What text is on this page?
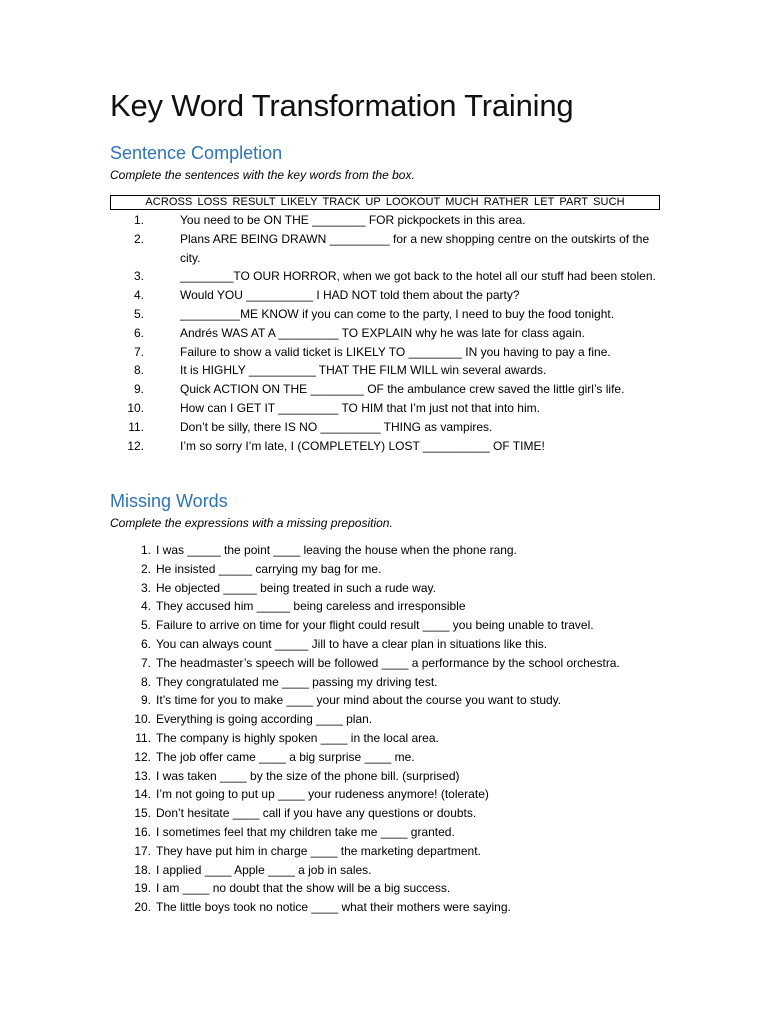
Key Word Transformation Training
Sentence Completion

Complete the sentences with the key words from the box.

ACROSS LOSS RESULT LIKELY TRACK UP LOOKOUT MUCH RATHER LET PART SUCH
1.	You need to be ON THE ________ FOR pickpockets in this area.
2.	Plans ARE BEING DRAWN _________ for a new shopping centre on the outskirts of the city.
3.	________TO OUR HORROR, when we got back to the hotel all our stuff had been stolen.
4.	Would YOU __________ I HAD NOT told them about the party?
5.	_________ME KNOW if you can come to the party, I need to buy the food tonight.
6.	Andrés WAS AT A _________ TO EXPLAIN why he was late for class again.
7.	Failure to show a valid ticket is LIKELY TO ________ IN you having to pay a fine.
8.	It is HIGHLY __________ THAT THE FILM WILL win several awards.
9.	Quick ACTION ON THE ________ OF the ambulance crew saved the little girl’s life.
10.	How can I GET IT _________ TO HIM that I’m just not that into him.
11.	Don’t be silly, there IS NO _________ THING as vampires.
12.	I’m so sorry I’m late, I (COMPLETELY) LOST __________ OF TIME!
Missing Words

Complete the expressions with a missing preposition.

1. I was _____ the point ____ leaving the house when the phone rang.
2. He insisted _____ carrying my bag for me.
3. He objected _____ being treated in such a rude way.
4. They accused him _____ being careless and irresponsible
5. Failure to arrive on time for your flight could result ____ you being unable to travel.
6. You can always count _____ Jill to have a clear plan in situations like this.
7. The headmaster’s speech will be followed ____ a performance by the school orchestra.
8. They congratulated me ____ passing my driving test.
9. It’s time for you to make ____ your mind about the course you want to study.
10. Everything is going according ____ plan.
11. The company is highly spoken ____ in the local area.
12. The job offer came ____ a big surprise ____ me.
13. I was taken ____ by the size of the phone bill. (surprised)
14. I’m not going to put up ____ your rudeness anymore! (tolerate)
15. Don’t hesitate ____ call if you have any questions or doubts.
16. I sometimes feel that my children take me ____ granted.
17. They have put him in charge ____ the marketing department.
18. I applied ____ Apple ____ a job in sales.
19. I am ____ no doubt that the show will be a big success.
20. The little boys took no notice ____ what their mothers were saying.
